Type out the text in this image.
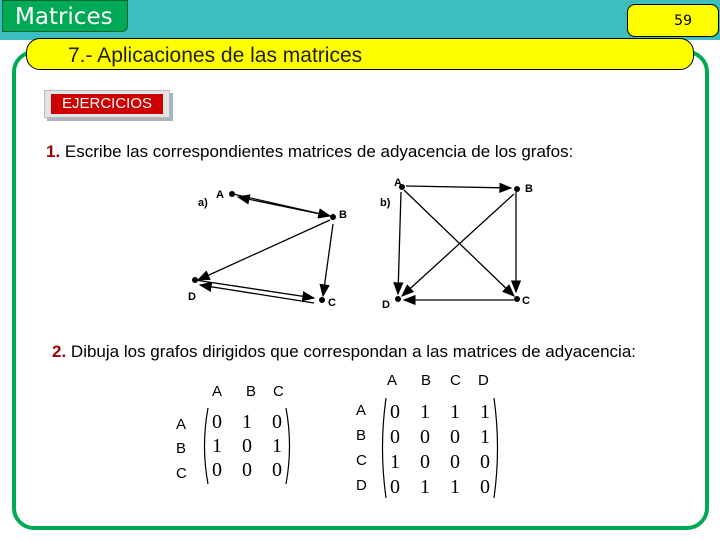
Matrices	59
7.- Aplicaciones de las matrices
EJERCICIOS
1. Escribe las correspondientes matrices de adyacencia de los grafos:
a)
A
B
C
D
b)
A	B
C
D
2. Dibuja los grafos dirigidos que correspondan a las matrices de adyacencia:
A B C
A
B
C
0 1 0
1 0 1
0 0 0
A B C D
A
B
C
D
0 1 1 1
0 0 0 1
1 0 0 0
0 1 1 0
